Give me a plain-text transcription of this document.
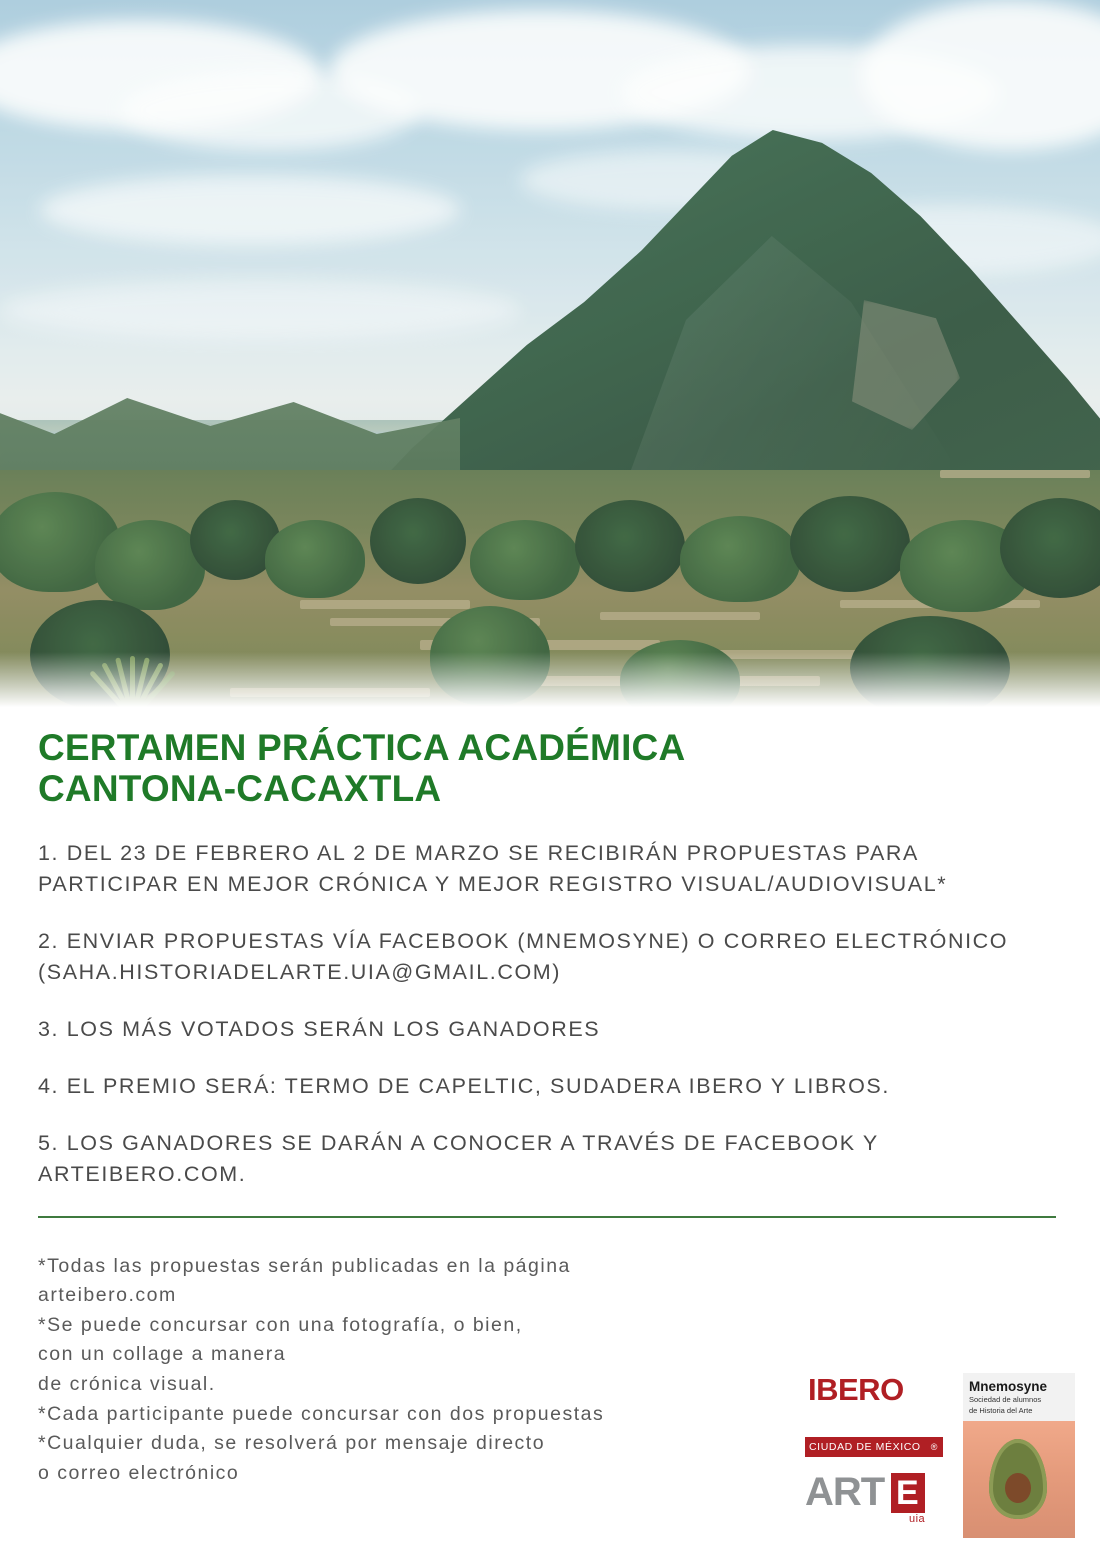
CERTAMEN PRÁCTICA ACADÉMICA
CANTONA-CACAXTLA

1. DEL 23 DE FEBRERO AL 2 DE MARZO SE RECIBIRÁN PROPUESTAS PARA PARTICIPAR EN MEJOR CRÓNICA Y MEJOR REGISTRO VISUAL/AUDIOVISUAL*

2. ENVIAR PROPUESTAS VÍA FACEBOOK (MNEMOSYNE) O CORREO ELECTRÓNICO (SAHA.HISTORIADELARTE.UIA@GMAIL.COM)

3. LOS MÁS VOTADOS SERÁN LOS GANADORES

4. EL PREMIO SERÁ: TERMO DE CAPELTIC, SUDADERA IBERO Y LIBROS.

5. LOS GANADORES SE DARÁN A CONOCER A TRAVÉS DE FACEBOOK Y ARTEIBERO.COM.

*Todas las propuestas serán publicadas en la página
arteibero.com
*Se puede concursar con una fotografía, o bien,
con un collage a manera
de crónica visual.
*Cada participante puede concursar con dos propuestas
*Cualquier duda, se resolverá por mensaje directo
o correo electrónico
IBERO
CIUDAD DE MÉXICO ®
ART E
uia
Mnemosyne
Sociedad de alumnos
de Historia del Arte
